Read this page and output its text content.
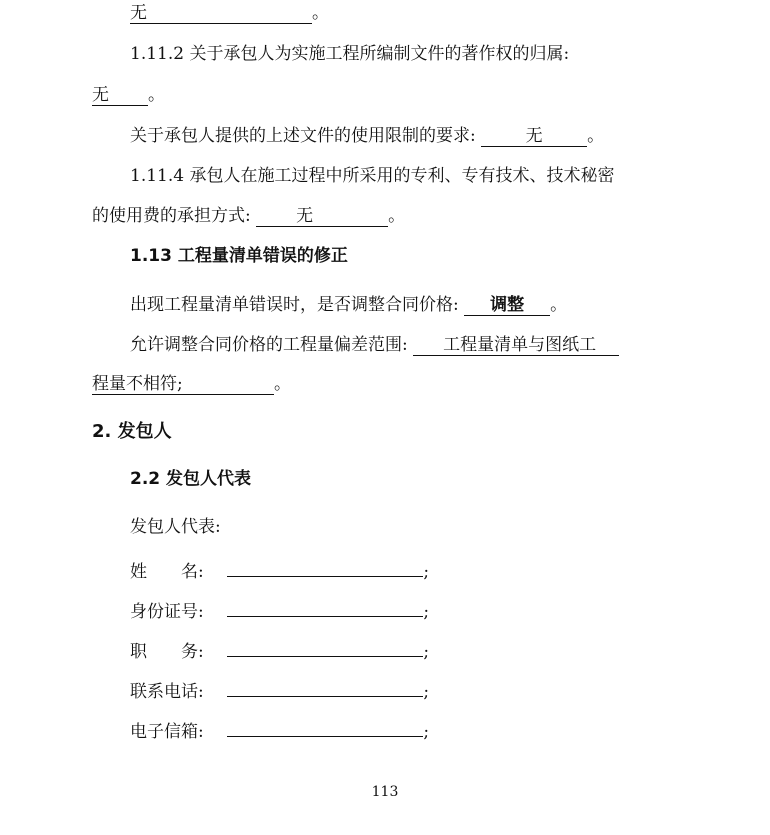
无	。
1.11.2 关于承包人为实施工程所编制文件的著作权的归属:
无 。
关于承包人提供的上述文件的使用限制的要求:	无	。
1.11.4 承包人在施工过程中所采用的专利、专有技术、技术秘密
的使用费的承担方式:	无	。
1.13 工程量清单错误的修正
出现工程量清单错误时，是否调整合同价格: 调整 。
允许调整合同价格的工程量偏差范围: 工程量清单与图纸工
程量不相符;	。
2. 发包人
2.2 发包人代表
发包人代表:
姓　　名:	;
身份证号:	;
职　　务:	;
联系电话:	;
电子信箱:	;
113
